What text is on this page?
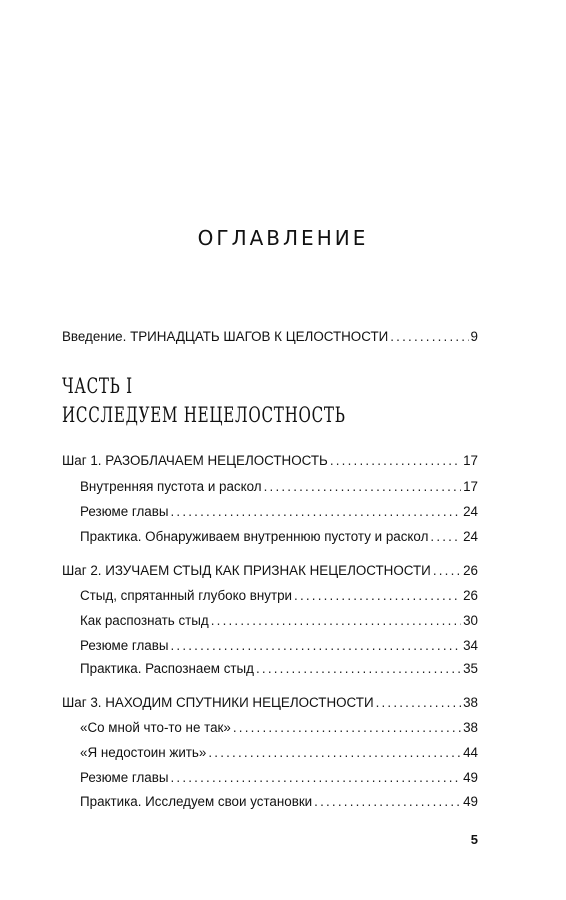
ОГЛАВЛЕНИЕ
Введение. ТРИНАДЦАТЬ ШАГОВ К ЦЕЛОСТНОСТИ .....	9
ЧАСТЬ I
ИССЛЕДУЕМ НЕЦЕЛОСТНОСТЬ
Шаг 1. РАЗОБЛАЧАЕМ НЕЦЕЛОСТНОСТЬ .....	17
Внутренняя пустота и раскол .....	17
Резюме главы .....	24
Практика. Обнаруживаем внутреннюю пустоту и раскол .....	24
Шаг 2. ИЗУЧАЕМ СТЫД КАК ПРИЗНАК НЕЦЕЛОСТНОСТИ ..... 26
Стыд, спрятанный глубоко внутри .....	26
Как распознать стыд .....	30
Резюме главы .....	34
Практика. Распознаем стыд .....	35
Шаг 3. НАХОДИМ СПУТНИКИ НЕЦЕЛОСТНОСТИ .....	38
«Со мной что-то не так» .....	38
«Я недостоин жить» .....	44
Резюме главы .....	49
Практика. Исследуем свои установки .....	49
5
